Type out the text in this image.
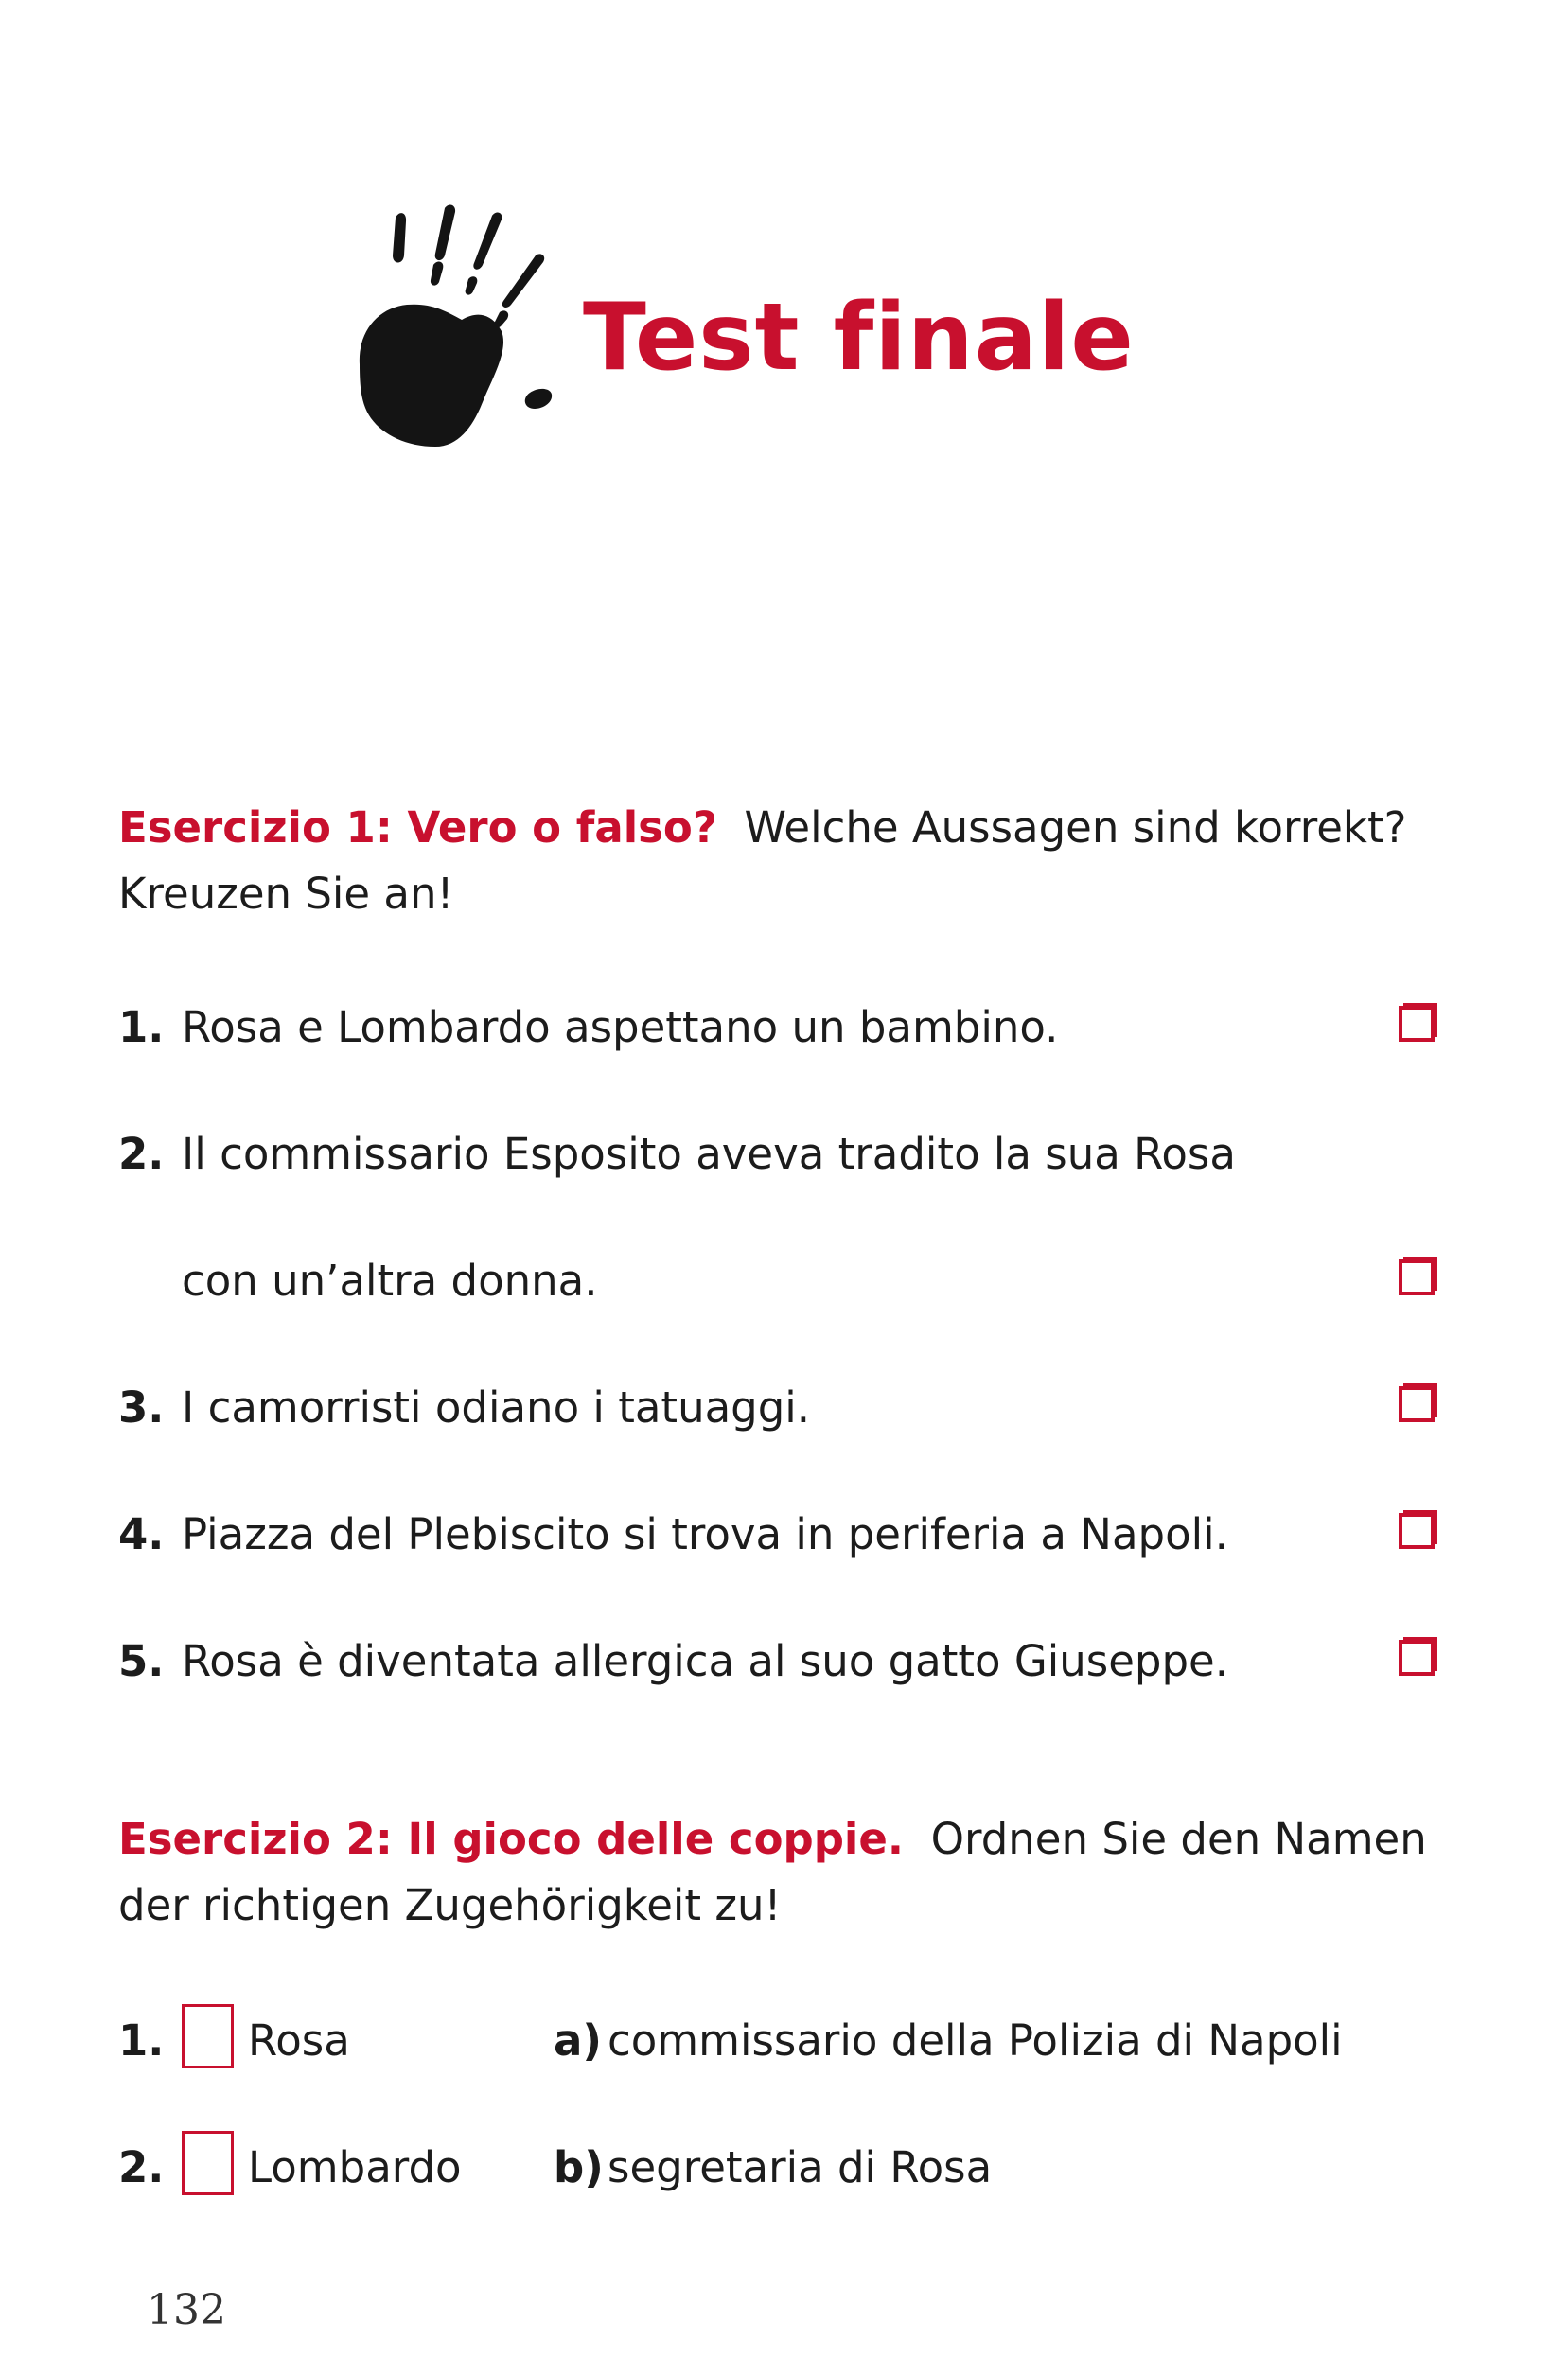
Test finale
Esercizio 1: Vero o falso? Welche Aussagen sind korrekt? Kreuzen Sie an!
1. Rosa e Lombardo aspettano un bambino.
2. Il commissario Esposito aveva tradito la sua Rosa
con un’altra donna.
3. I camorristi odiano i tatuaggi.
4. Piazza del Plebiscito si trova in periferia a Napoli.
5. Rosa è diventata allergica al suo gatto Giuseppe.
Esercizio 2: Il gioco delle coppie. Ordnen Sie den Namen der richtigen Zugehörigkeit zu!
1. Rosa	a) commissario della Polizia di Napoli
2. Lombardo b) segretaria di Rosa
132
